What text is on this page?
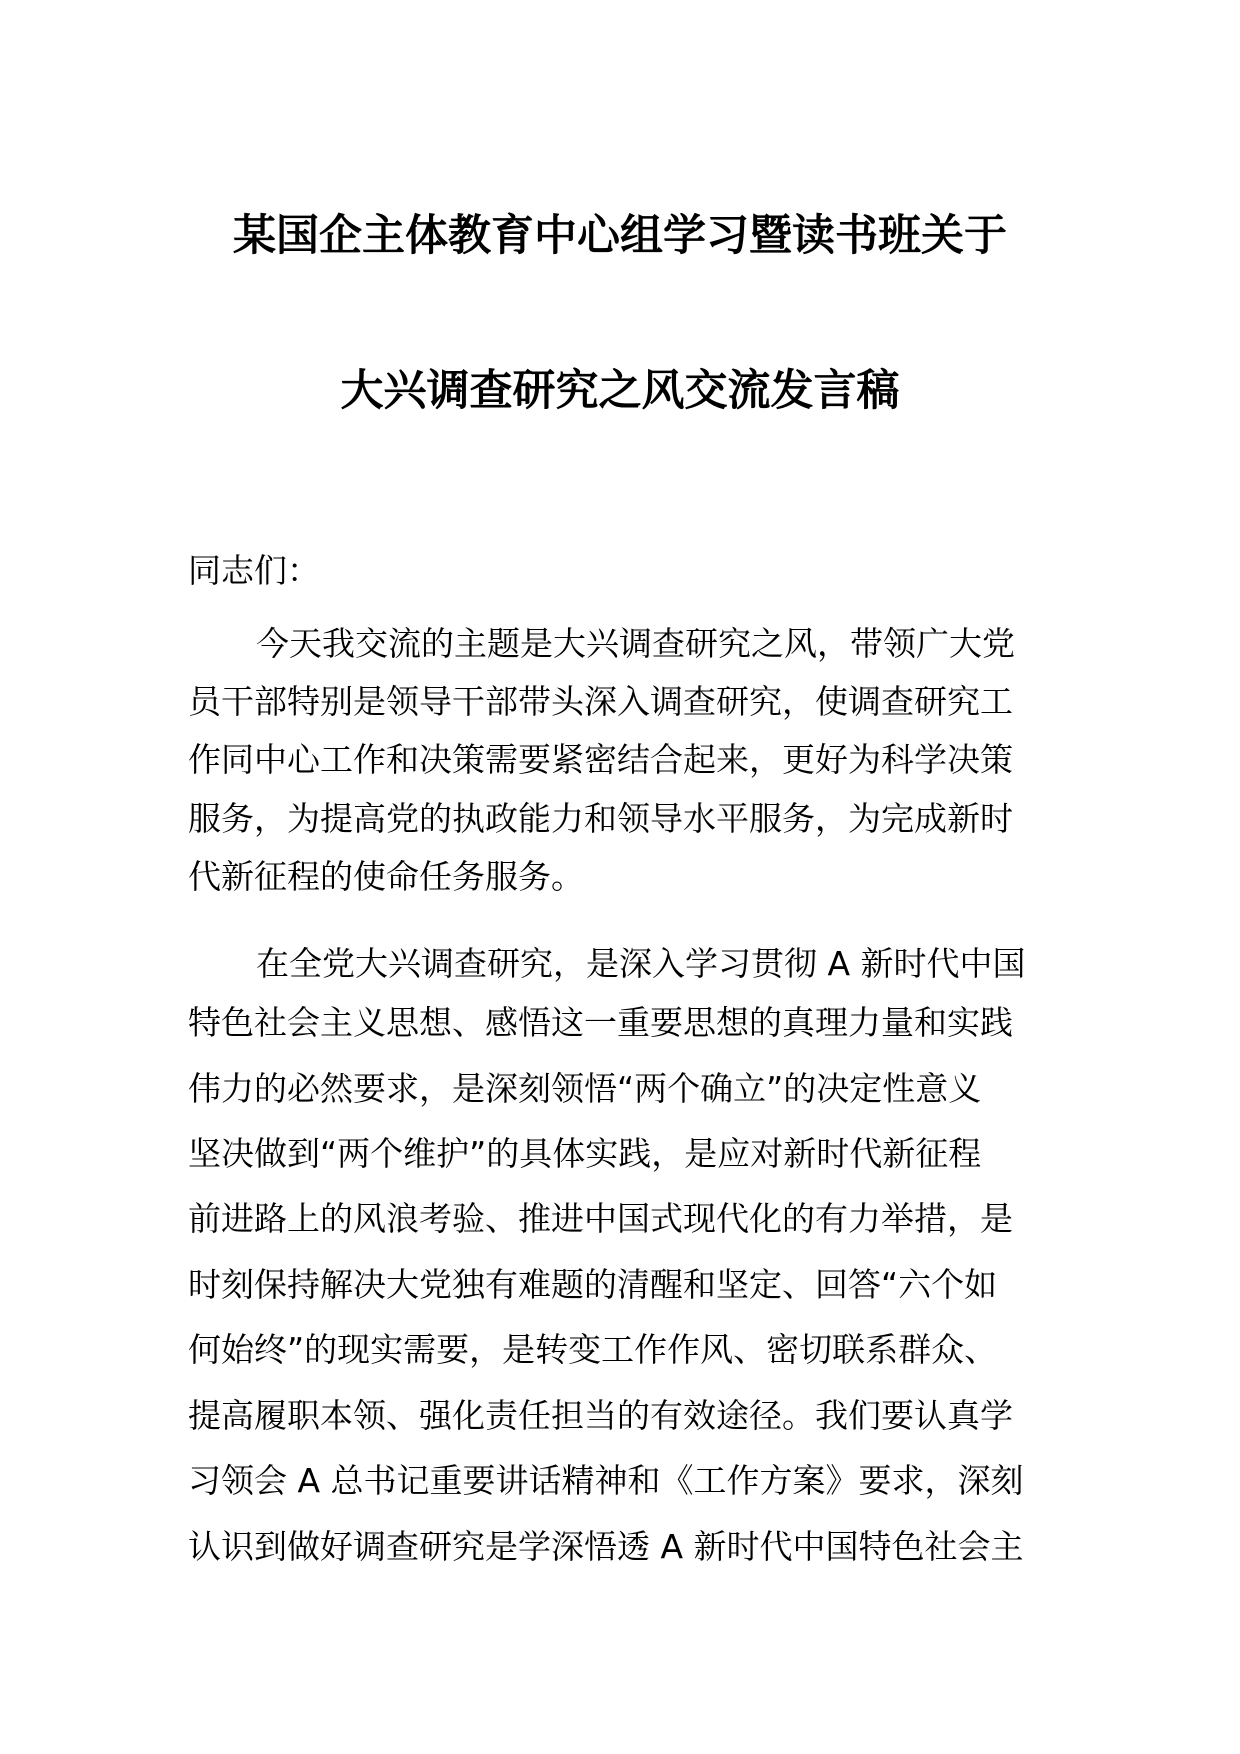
某国企主体教育中心组学习暨读书班关于
大兴调查研究之风交流发言稿
同志们：
今天我交流的主题是大兴调查研究之风，带领广大党
员干部特别是领导干部带头深入调查研究，使调查研究工
作同中心工作和决策需要紧密结合起来，更好为科学决策
服务，为提高党的执政能力和领导水平服务，为完成新时
代新征程的使命任务服务。
在全党大兴调查研究，是深入学习贯彻 A 新时代中国
特色社会主义思想、感悟这一重要思想的真理力量和实践
伟力的必然要求，是深刻领悟“两个确立”的决定性意义
坚决做到“两个维护”的具体实践，是应对新时代新征程
前进路上的风浪考验、推进中国式现代化的有力举措，是
时刻保持解决大党独有难题的清醒和坚定、回答“六个如
何始终”的现实需要，是转变工作作风、密切联系群众、
提高履职本领、强化责任担当的有效途径。我们要认真学
习领会 A 总书记重要讲话精神和《工作方案》要求，深刻
认识到做好调查研究是学深悟透 A 新时代中国特色社会主
